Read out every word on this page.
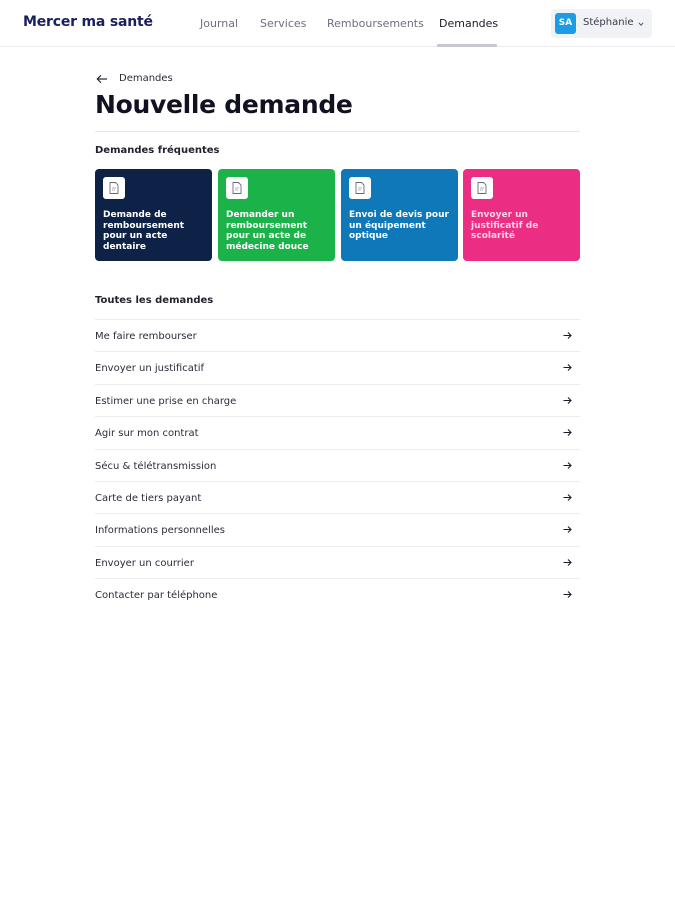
Mercer ma santé	Journal Services Remboursements Demandes	SA	Stéphanie
Demandes
Nouvelle demande
Demandes fréquentes
Demande de remboursement pour un acte dentaire
Demander un remboursement pour un acte de médecine douce
Envoi de devis pour un équipement optique
Envoyer un justificatif de scolarité
Toutes les demandes
Me faire rembourser
Envoyer un justificatif
Estimer une prise en charge
Agir sur mon contrat
Sécu & télétransmission
Carte de tiers payant
Informations personnelles
Envoyer un courrier
Contacter par téléphone
